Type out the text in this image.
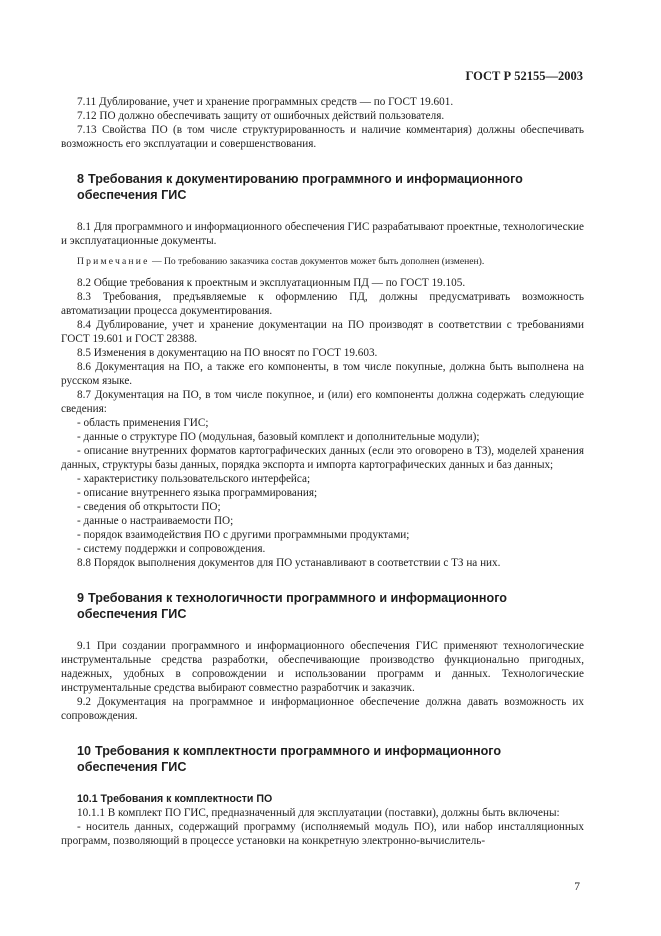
ГОСТ Р 52155—2003
7.11 Дублирование, учет и хранение программных средств — по ГОСТ 19.601.
7.12 ПО должно обеспечивать защиту от ошибочных действий пользователя.
7.13 Свойства ПО (в том числе структурированность и наличие комментария) должны обеспечивать возможность его эксплуатации и совершенствования.
8 Требования к документированию программного и информационного обеспечения ГИС
8.1 Для программного и информационного обеспечения ГИС разрабатывают проектные, технологические и эксплуатационные документы.
Примечание — По требованию заказчика состав документов может быть дополнен (изменен).
8.2 Общие требования к проектным и эксплуатационным ПД — по ГОСТ 19.105.
8.3 Требования, предъявляемые к оформлению ПД, должны предусматривать возможность автоматизации процесса документирования.
8.4 Дублирование, учет и хранение документации на ПО производят в соответствии с требованиями ГОСТ 19.601 и ГОСТ 28388.
8.5 Изменения в документацию на ПО вносят по ГОСТ 19.603.
8.6 Документация на ПО, а также его компоненты, в том числе покупные, должна быть выполнена на русском языке.
8.7 Документация на ПО, в том числе покупное, и (или) его компоненты должна содержать следующие сведения:
- область применения ГИС;
- данные о структуре ПО (модульная, базовый комплект и дополнительные модули);
- описание внутренних форматов картографических данных (если это оговорено в ТЗ), моделей хранения данных, структуры базы данных, порядка экспорта и импорта картографических данных и баз данных;
- характеристику пользовательского интерфейса;
- описание внутреннего языка программирования;
- сведения об открытости ПО;
- данные о настраиваемости ПО;
- порядок взаимодействия ПО с другими программными продуктами;
- систему поддержки и сопровождения.
8.8 Порядок выполнения документов для ПО устанавливают в соответствии с ТЗ на них.
9 Требования к технологичности программного и информационного обеспечения ГИС
9.1 При создании программного и информационного обеспечения ГИС применяют технологические инструментальные средства разработки, обеспечивающие производство функционально пригодных, надежных, удобных в сопровождении и использовании программ и данных. Технологические инструментальные средства выбирают совместно разработчик и заказчик.
9.2 Документация на программное и информационное обеспечение должна давать возможность их сопровождения.
10 Требования к комплектности программного и информационного обеспечения ГИС
10.1 Требования к комплектности ПО
10.1.1 В комплект ПО ГИС, предназначенный для эксплуатации (поставки), должны быть включены:
- носитель данных, содержащий программу (исполняемый модуль ПО), или набор инсталляционных программ, позволяющий в процессе установки на конкретную электронно-вычислитель-
7
